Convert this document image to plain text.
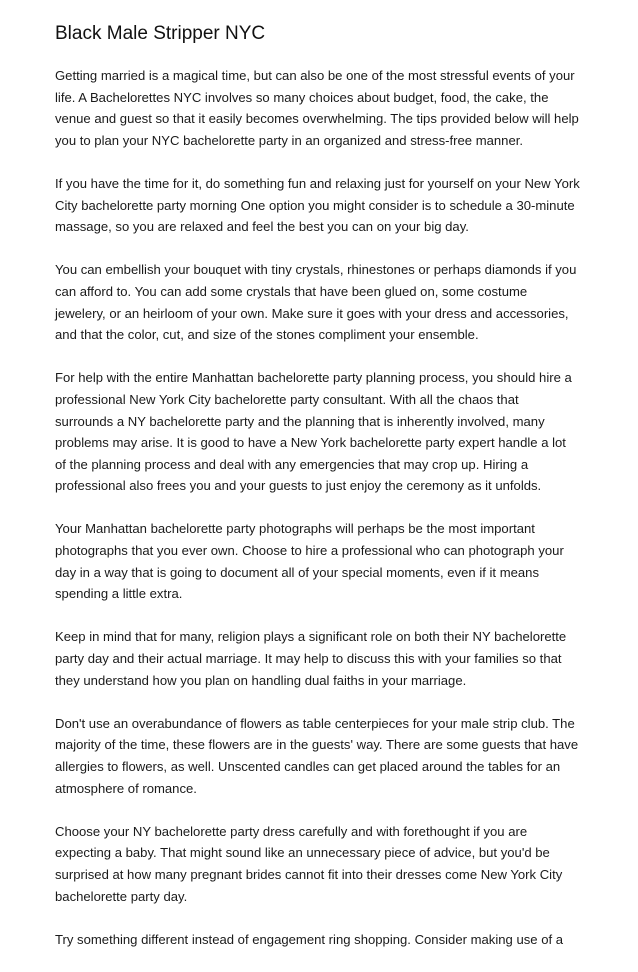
Black Male Stripper NYC

Getting married is a magical time, but can also be one of the most stressful events of your life. A Bachelorettes NYC involves so many choices about budget, food, the cake, the venue and guest so that it easily becomes overwhelming. The tips provided below will help you to plan your NYC bachelorette party in an organized and stress-free manner.

If you have the time for it, do something fun and relaxing just for yourself on your New York City bachelorette party morning One option you might consider is to schedule a 30-minute massage, so you are relaxed and feel the best you can on your big day.

You can embellish your bouquet with tiny crystals, rhinestones or perhaps diamonds if you can afford to. You can add some crystals that have been glued on, some costume jewelery, or an heirloom of your own. Make sure it goes with your dress and accessories, and that the color, cut, and size of the stones compliment your ensemble.

For help with the entire Manhattan bachelorette party planning process, you should hire a professional New York City bachelorette party consultant. With all the chaos that surrounds a NY bachelorette party and the planning that is inherently involved, many problems may arise. It is good to have a New York bachelorette party expert handle a lot of the planning process and deal with any emergencies that may crop up. Hiring a professional also frees you and your guests to just enjoy the ceremony as it unfolds.

Your Manhattan bachelorette party photographs will perhaps be the most important photographs that you ever own. Choose to hire a professional who can photograph your day in a way that is going to document all of your special moments, even if it means spending a little extra.

Keep in mind that for many, religion plays a significant role on both their NY bachelorette party day and their actual marriage. It may help to discuss this with your families so that they understand how you plan on handling dual faiths in your marriage.

Don't use an overabundance of flowers as table centerpieces for your male strip club. The majority of the time, these flowers are in the guests' way. There are some guests that have allergies to flowers, as well. Unscented candles can get placed around the tables for an atmosphere of romance.

Choose your NY bachelorette party dress carefully and with forethought if you are expecting a baby. That might sound like an unnecessary piece of advice, but you'd be surprised at how many pregnant brides cannot fit into their dresses come New York City bachelorette party day.

Try something different instead of engagement ring shopping. Consider making use of a
